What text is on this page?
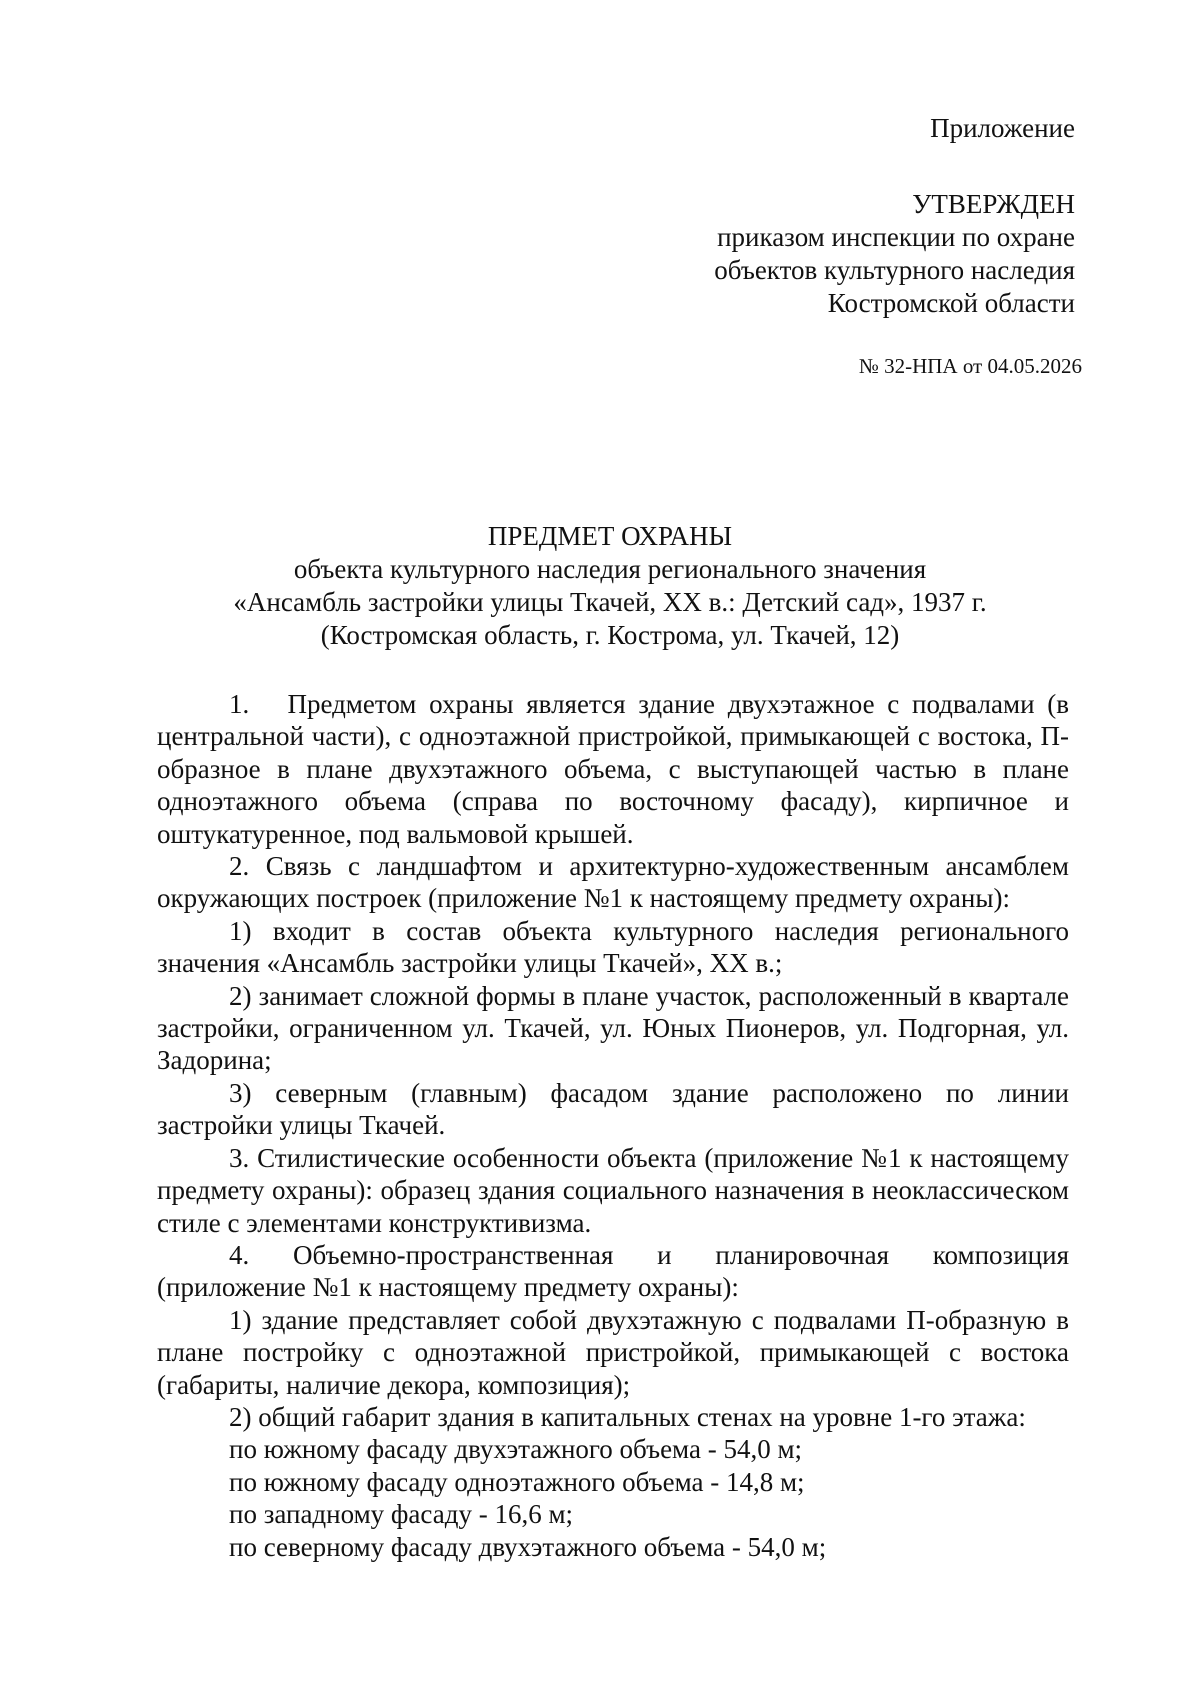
Приложение
УТВЕРЖДЕН
приказом инспекции по охране
объектов культурного наследия
Костромской области
№ 32-НПА от 04.05.2026
ПРЕДМЕТ ОХРАНЫ
объекта культурного наследия регионального значения
«Ансамбль застройки улицы Ткачей, XX в.: Детский сад», 1937 г.
(Костромская область, г. Кострома, ул. Ткачей, 12)

1.   Предметом охраны является здание двухэтажное с подвалами (в центральной части), с одноэтажной пристройкой, примыкающей с востока, П-образное в плане двухэтажного объема, с выступающей частью в плане одноэтажного объема (справа по восточному фасаду), кирпичное и оштукатуренное, под вальмовой крышей.

2. Связь с ландшафтом и архитектурно-художественным ансамблем окружающих построек (приложение №1 к настоящему предмету охраны):

1) входит в состав объекта культурного наследия регионального значения «Ансамбль застройки улицы Ткачей», XX в.;

2) занимает сложной формы в плане участок, расположенный в квартале застройки, ограниченном ул. Ткачей, ул. Юных Пионеров, ул. Подгорная, ул. Задорина;

3) северным (главным) фасадом здание расположено по линии застройки улицы Ткачей.

3. Стилистические особенности объекта (приложение №1 к настоящему предмету охраны): образец здания социального назначения в неоклассическом стиле с элементами конструктивизма.

4. Объемно-пространственная и планировочная композиция (приложение №1 к настоящему предмету охраны):

1) здание представляет собой двухэтажную с подвалами П-образную в плане постройку с одноэтажной пристройкой, примыкающей с востока (габариты, наличие декора, композиция);

2) общий габарит здания в капитальных стенах на уровне 1-го этажа:

по южному фасаду двухэтажного объема - 54,0 м;

по южному фасаду одноэтажного объема - 14,8 м;

по западному фасаду - 16,6 м;

по северному фасаду двухэтажного объема - 54,0 м;
